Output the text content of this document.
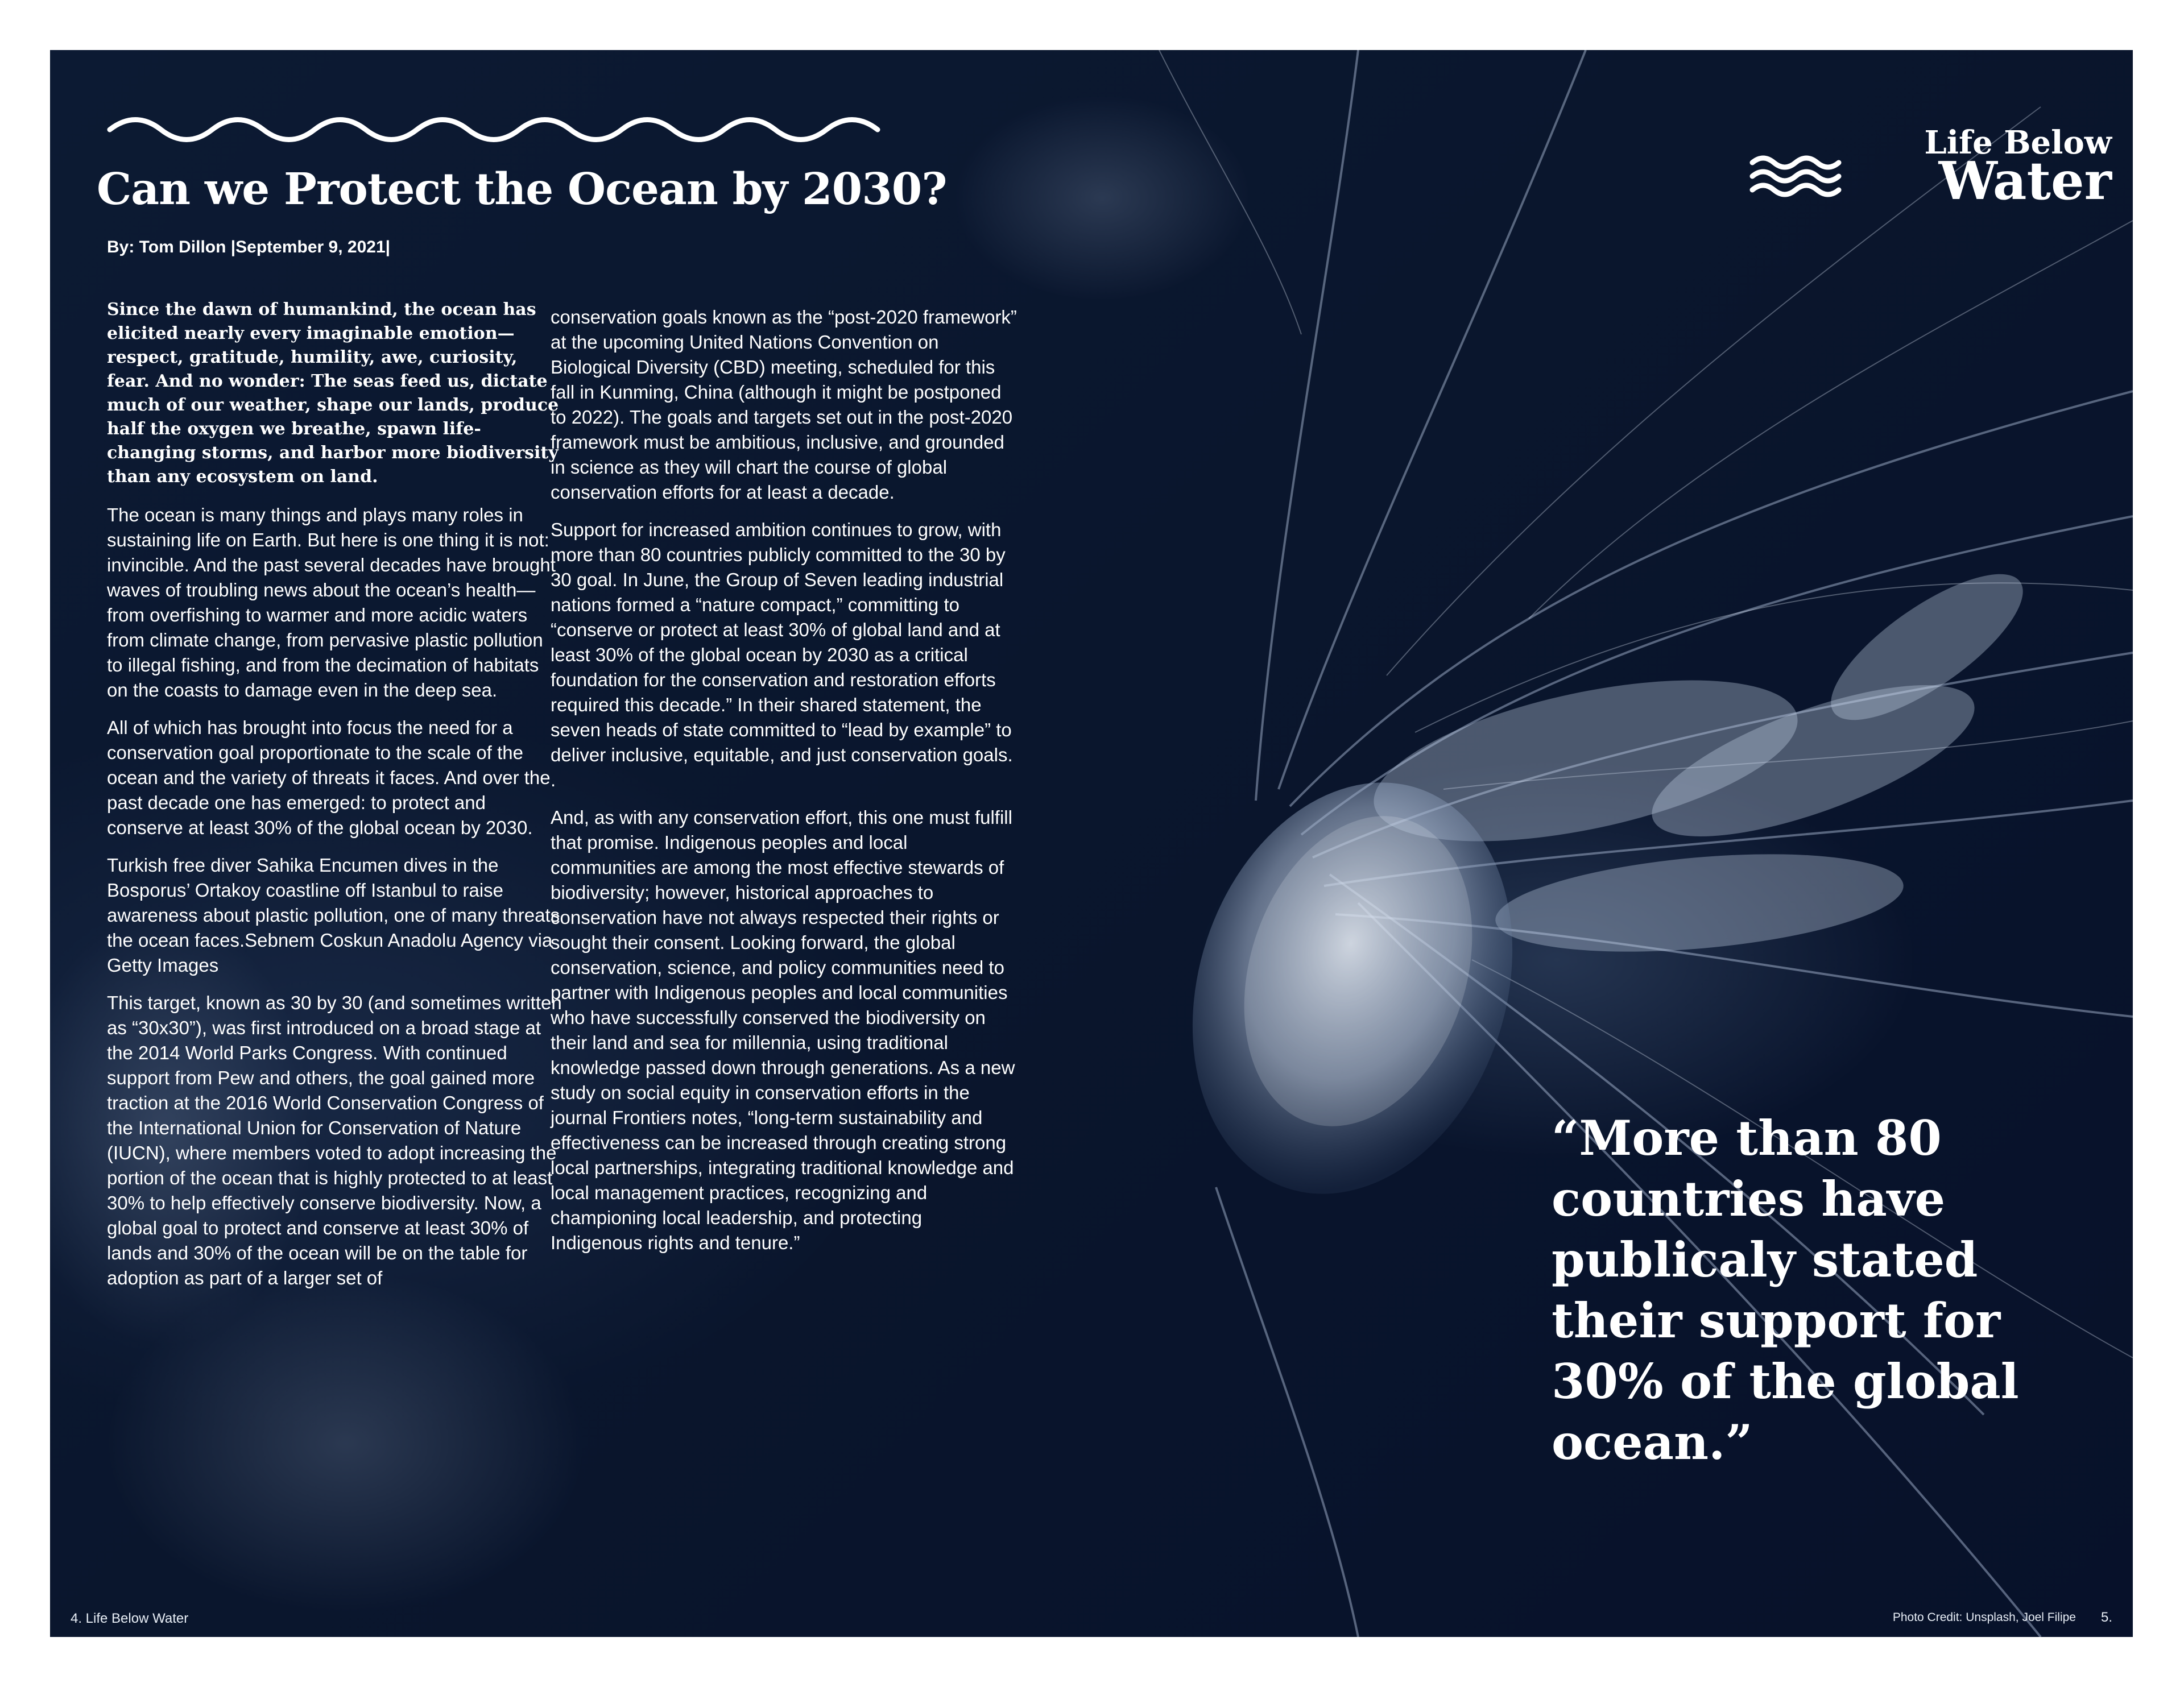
Can we Protect the Ocean by 2030?
By: Tom Dillon |September 9, 2021|

Since the dawn of humankind, the ocean has elicited nearly every imaginable emotion—respect, gratitude, humility, awe, curiosity, fear. And no wonder: The seas feed us, dictate much of our weather, shape our lands, produce half the oxygen we breathe, spawn life-changing storms, and harbor more biodiversity than any ecosystem on land.

The ocean is many things and plays many roles in sustaining life on Earth. But here is one thing it is not: invincible. And the past several decades have brought waves of troubling news about the ocean’s health—from overfishing to warmer and more acidic waters from climate change, from pervasive plastic pollution to illegal fishing, and from the decimation of habitats on the coasts to damage even in the deep sea.

All of which has brought into focus the need for a conservation goal proportionate to the scale of the ocean and the variety of threats it faces. And over the past decade one has emerged: to protect and conserve at least 30% of the global ocean by 2030.

Turkish free diver Sahika Encumen dives in the Bosporus’ Ortakoy coastline off Istanbul to raise awareness about plastic pollution, one of many threats the ocean faces.Sebnem Coskun Anadolu Agency via Getty Images

This target, known as 30 by 30 (and sometimes written as “30x30”), was first introduced on a broad stage at the 2014 World Parks Congress. With continued support from Pew and others, the goal gained more traction at the 2016 World Conservation Congress of the International Union for Conservation of Nature (IUCN), where members voted to adopt increasing the portion of the ocean that is highly protected to at least 30% to help effectively conserve biodiversity. Now, a global goal to protect and conserve at least 30% of lands and 30% of the ocean will be on the table for adoption as part of a larger set of

conservation goals known as the “post-2020 framework” at the upcoming United Nations Convention on Biological Diversity (CBD) meeting, scheduled for this fall in Kunming, China (although it might be postponed to 2022). The goals and targets set out in the post-2020 framework must be ambitious, inclusive, and grounded in science as they will chart the course of global conservation efforts for at least a decade.

Support for increased ambition continues to grow, with more than 80 countries publicly committed to the 30 by 30 goal. In June, the Group of Seven leading industrial nations formed a “nature compact,” committing to “conserve or protect at least 30% of global land and at least 30% of the global ocean by 2030 as a critical foundation for the conservation and restoration efforts required this decade.” In their shared statement, the seven heads of state committed to “lead by example” to deliver inclusive, equitable, and just conservation goals. .

And, as with any conservation effort, this one must fulfill that promise. Indigenous peoples and local communities are among the most effective stewards of biodiversity; however, historical approaches to conservation have not always respected their rights or sought their consent. Looking forward, the global conservation, science, and policy communities need to partner with Indigenous peoples and local communities who have successfully conserved the biodiversity on their land and sea for millennia, using traditional knowledge passed down through generations. As a new study on social equity in conservation efforts in the journal Frontiers notes, “long-term sustainability and effectiveness can be increased through creating strong local partnerships, integrating traditional knowledge and local management practices, recognizing and championing local leadership, and protecting Indigenous rights and tenure.”

Life Below
Water
“More than 80 countries have publicaly stated their support for 30% of the global ocean.”
4. Life Below Water	Photo Credit: Unsplash, Joel Filipe 5.
